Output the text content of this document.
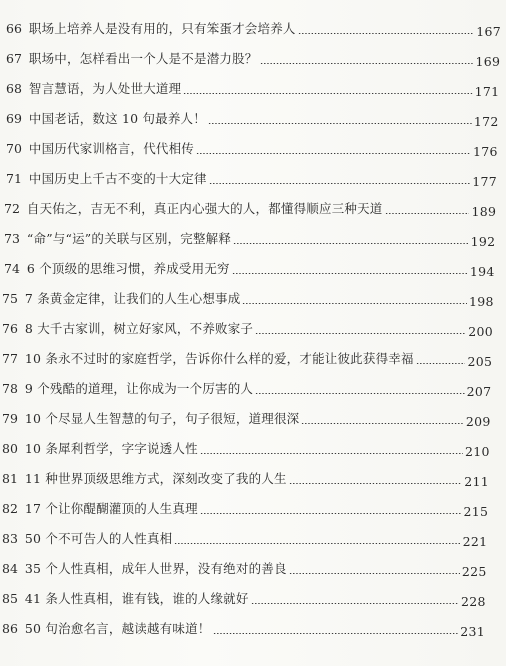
66 职场上培养人是没有用的，只有笨蛋才会培养人	167
67 职场中，怎样看出一个人是不是潜力股？	169
68 智言慧语，为人处世大道理	171
69 中国老话，数这 10 句最养人！	172
70 中国历代家训格言，代代相传	176
71 中国历史上千古不变的十大定律	177
72 自天佑之，吉无不利，真正内心强大的人，都懂得顺应三种天道	189
73 “命”与“运”的关联与区别，完整解释	192
74 6 个顶级的思维习惯，养成受用无穷	194
75 7 条黄金定律，让我们的人生心想事成	198
76 8 大千古家训，树立好家风，不养败家子	200
77 10 条永不过时的家庭哲学，告诉你什么样的爱，才能让彼此获得幸福	205
78 9 个残酷的道理，让你成为一个厉害的人	207
79 10 个尽显人生智慧的句子，句子很短，道理很深	209
80 10 条犀利哲学，字字说透人性	210
81 11 种世界顶级思维方式，深刻改变了我的人生	211
82 17 个让你醍醐灌顶的人生真理	215
83 50 个不可告人的人性真相	221
84 35 个人性真相，成年人世界，没有绝对的善良	225
85 41 条人性真相，谁有钱，谁的人缘就好	228
86 50 句治愈名言，越读越有味道！	231
